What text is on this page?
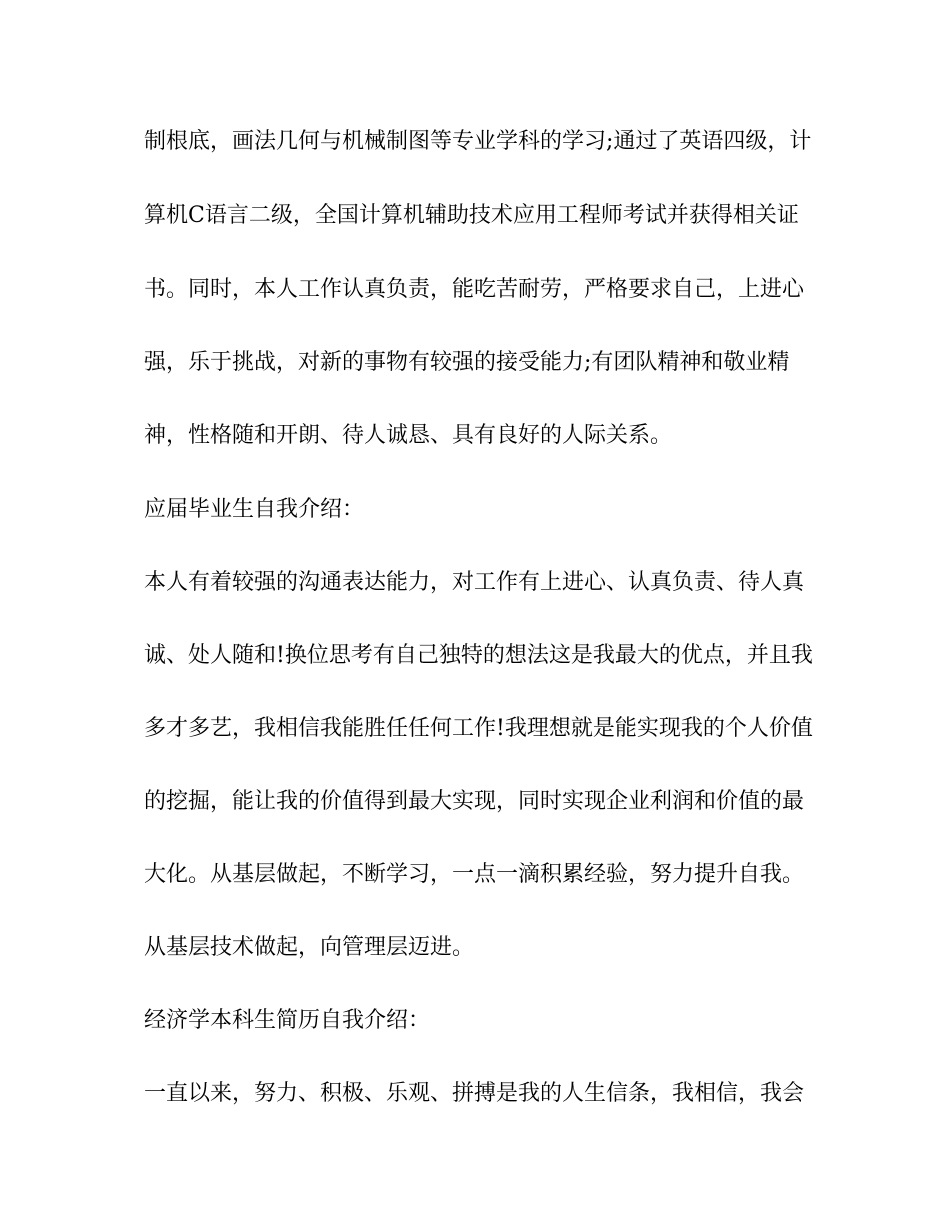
制根底，画法几何与机械制图等专业学科的学习;通过了英语四级，计
算机C语言二级，全国计算机辅助技术应用工程师考试并获得相关证
书。同时，本人工作认真负责，能吃苦耐劳，严格要求自己，上进心
强，乐于挑战，对新的事物有较强的接受能力;有团队精神和敬业精
神，性格随和开朗、待人诚恳、具有良好的人际关系。
应届毕业生自我介绍：
本人有着较强的沟通表达能力，对工作有上进心、认真负责、待人真
诚、处人随和!换位思考有自己独特的想法这是我最大的优点，并且我
多才多艺，我相信我能胜任任何工作!我理想就是能实现我的个人价值
的挖掘，能让我的价值得到最大实现，同时实现企业利润和价值的最
大化。从基层做起，不断学习，一点一滴积累经验，努力提升自我。
从基层技术做起，向管理层迈进。
经济学本科生简历自我介绍：
一直以来，努力、积极、乐观、拼搏是我的人生信条，我相信，我会
